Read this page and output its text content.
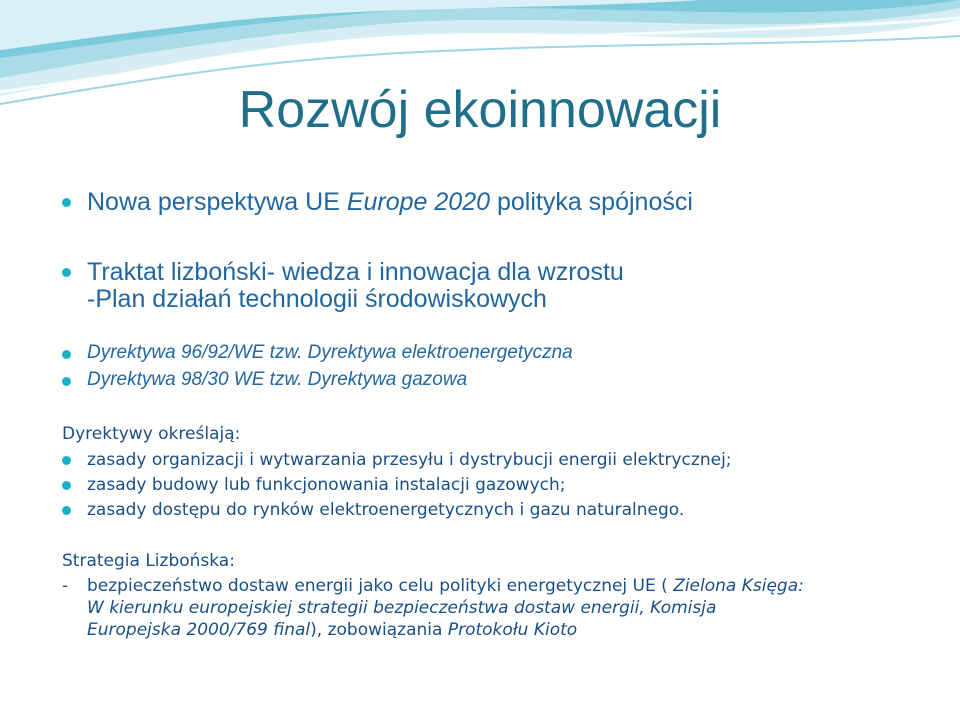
Rozwój ekoinnowacji
Nowa perspektywa UE Europe 2020 polityka spójności
Traktat lizboński- wiedza i innowacja dla wzrostu
-Plan działań technologii środowiskowych
Dyrektywa 96/92/WE tzw. Dyrektywa elektroenergetyczna
Dyrektywa 98/30 WE tzw. Dyrektywa gazowa
Dyrektywy określają:
zasady organizacji i wytwarzania przesyłu i dystrybucji energii elektrycznej;
zasady budowy lub funkcjonowania instalacji gazowych;
zasady dostępu do rynków elektroenergetycznych i gazu naturalnego.
Strategia Lizbońska:
- bezpieczeństwo dostaw energii jako celu polityki energetycznej UE ( Zielona Księga:
W kierunku europejskiej strategii bezpieczeństwa dostaw energii, Komisja
Europejska 2000/769 final), zobowiązania Protokołu Kioto
